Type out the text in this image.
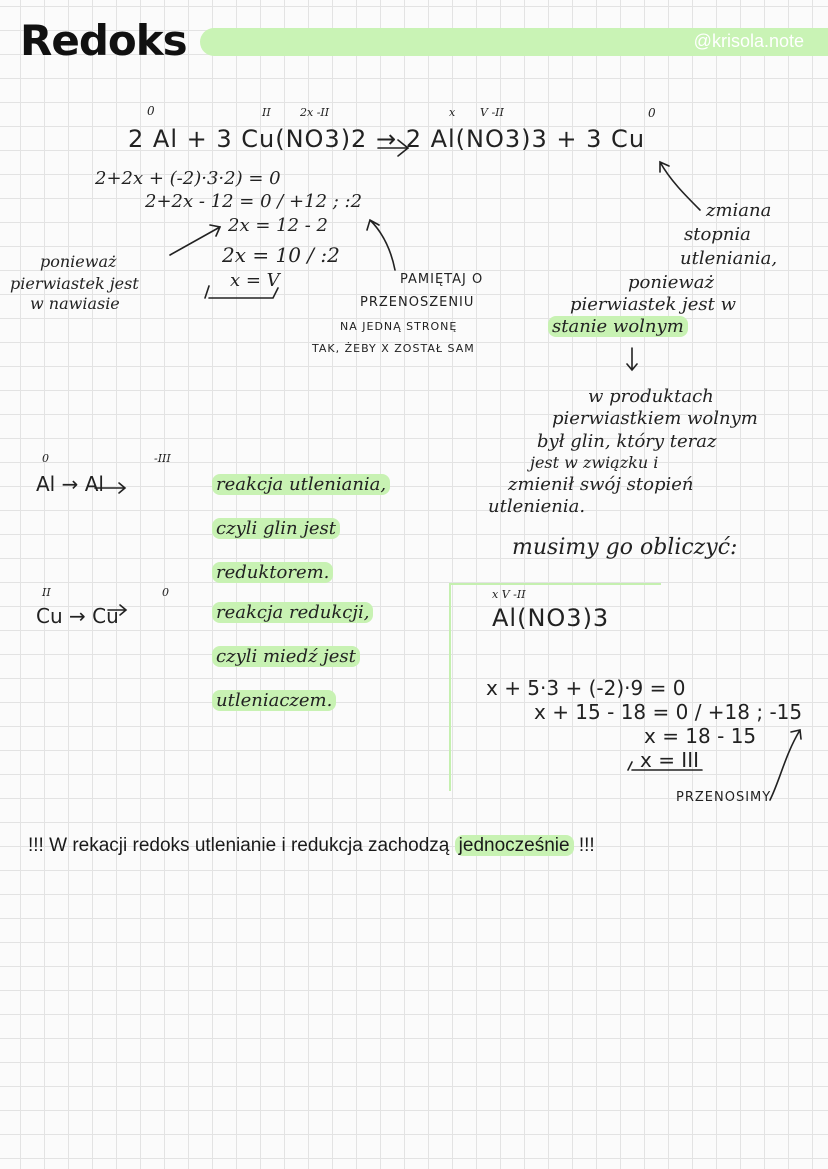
Redoks	@krisola.note
2 Al + 3 Cu(NO3)2 → 2 Al(NO3)3 + 3 Cu
0	II	2x -II	x V -II	0
2+2x + (-2)·3·2) = 0
2+2x - 12 = 0 / +12 ; :2
2x = 12 - 2
2x = 10 / :2
x = V
ponieważ
pierwiastek jest
w nawiasie
PAMIĘTAJ O
PRZENOSZENIU
NA JEDNĄ STRONĘ
TAK, ŻEBY X ZOSTAŁ SAM
zmiana
stopnia
utleniania,
ponieważ
pierwiastek jest w
stanie wolnym
w produktach
pierwiastkiem wolnym
był glin, który teraz
jest w związku i
zmienił swój stopień
utlenienia.
musimy go obliczyć:
Al → Al
0	-III
reakcja utleniania,
czyli glin jest
reduktorem.
Cu → Cu
II	0
reakcja redukcji,
czyli miedź jest
utleniaczem.
x V -II
Al(NO3)3
x + 5·3 + (-2)·9 = 0
x + 15 - 18 = 0 / +18 ; -15
x = 18 - 15
x = III
PRZENOSIMY
!!! W rekacji redoks utlenianie i redukcja zachodzą jednocześnie !!!
